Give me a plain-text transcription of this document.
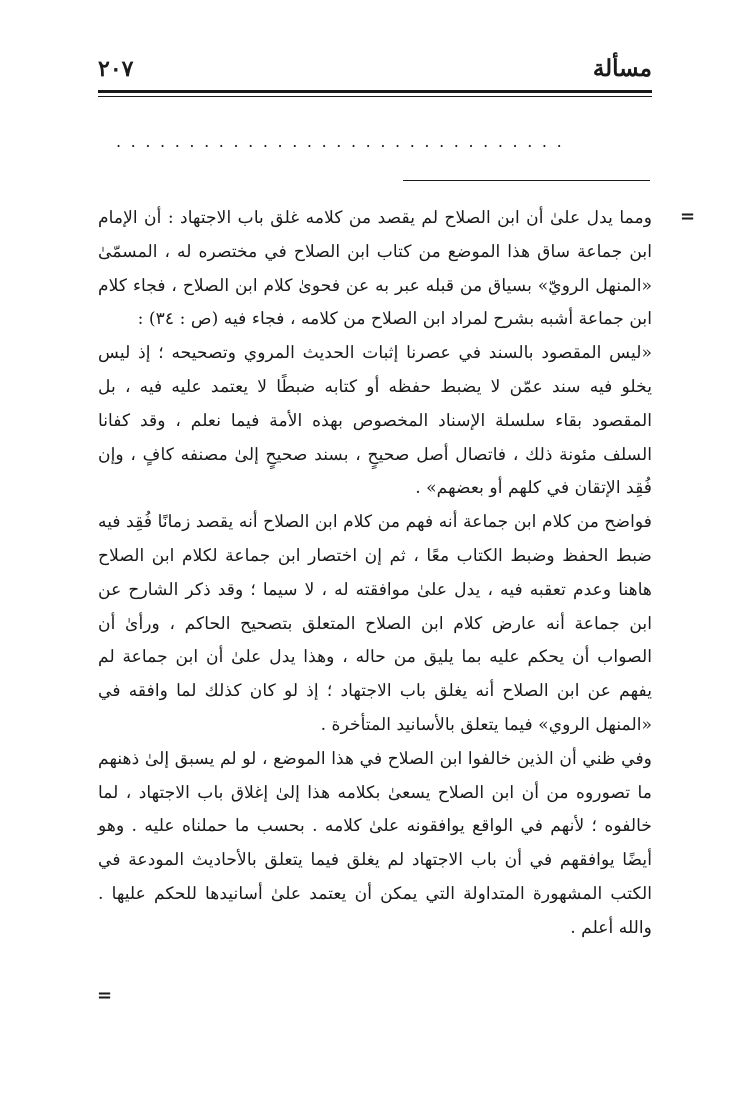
مسألة
٢٠٧
...............................
=

ومما يدل علىٰ أن ابن الصلاح لم يقصد من كلامه غلق باب الاجتهاد : أن الإمام ابن جماعة ساق هذا الموضع من كتاب ابن الصلاح في مختصره له ، المسمّىٰ «المنهل الرويّ» بسياق من قبله عبر به عن فحوىٰ كلام ابن الصلاح ، فجاء كلام ابن جماعة أشبه بشرح لمراد ابن الصلاح من كلامه ، فجاء فيه (ص : ٣٤) :

«ليس المقصود بالسند في عصرنا إثبات الحديث المروي وتصحيحه ؛ إذ ليس يخلو فيه سند عمّن لا يضبط حفظه أو كتابه ضبطًا لا يعتمد عليه فيه ، بل المقصود بقاء سلسلة الإسناد المخصوص بهذه الأمة فيما نعلم ، وقد كفانا السلف مئونة ذلك ، فاتصال أصل صحيحٍ ، بسند صحيحٍ إلىٰ مصنفه كافٍ ، وإن فُقِد الإتقان في كلهم أو بعضهم» .

فواضح من كلام ابن جماعة أنه فهم من كلام ابن الصلاح أنه يقصد زمانًا فُقِد فيه ضبط الحفظ وضبط الكتاب معًا ، ثم إن اختصار ابن جماعة لكلام ابن الصلاح هاهنا وعدم تعقبه فيه ، يدل علىٰ موافقته له ، لا سيما ؛ وقد ذكر الشارح عن ابن جماعة أنه عارض كلام ابن الصلاح المتعلق بتصحيح الحاكم ، ورأىٰ أن الصواب أن يحكم عليه بما يليق من حاله ، وهذا يدل علىٰ أن ابن جماعة لم يفهم عن ابن الصلاح أنه يغلق باب الاجتهاد ؛ إذ لو كان كذلك لما وافقه في «المنهل الروي» فيما يتعلق بالأسانيد المتأخرة .

وفي ظني أن الذين خالفوا ابن الصلاح في هذا الموضع ، لو لم يسبق إلىٰ ذهنهم ما تصوروه من أن ابن الصلاح يسعىٰ بكلامه هذا إلىٰ إغلاق باب الاجتهاد ، لما خالفوه ؛ لأنهم في الواقع يوافقونه علىٰ كلامه . بحسب ما حملناه عليه . وهو أيضًا يوافقهم في أن باب الاجتهاد لم يغلق فيما يتعلق بالأحاديث المودعة في الكتب المشهورة المتداولة التي يمكن أن يعتمد علىٰ أسانيدها للحكم عليها . والله أعلم .

=
